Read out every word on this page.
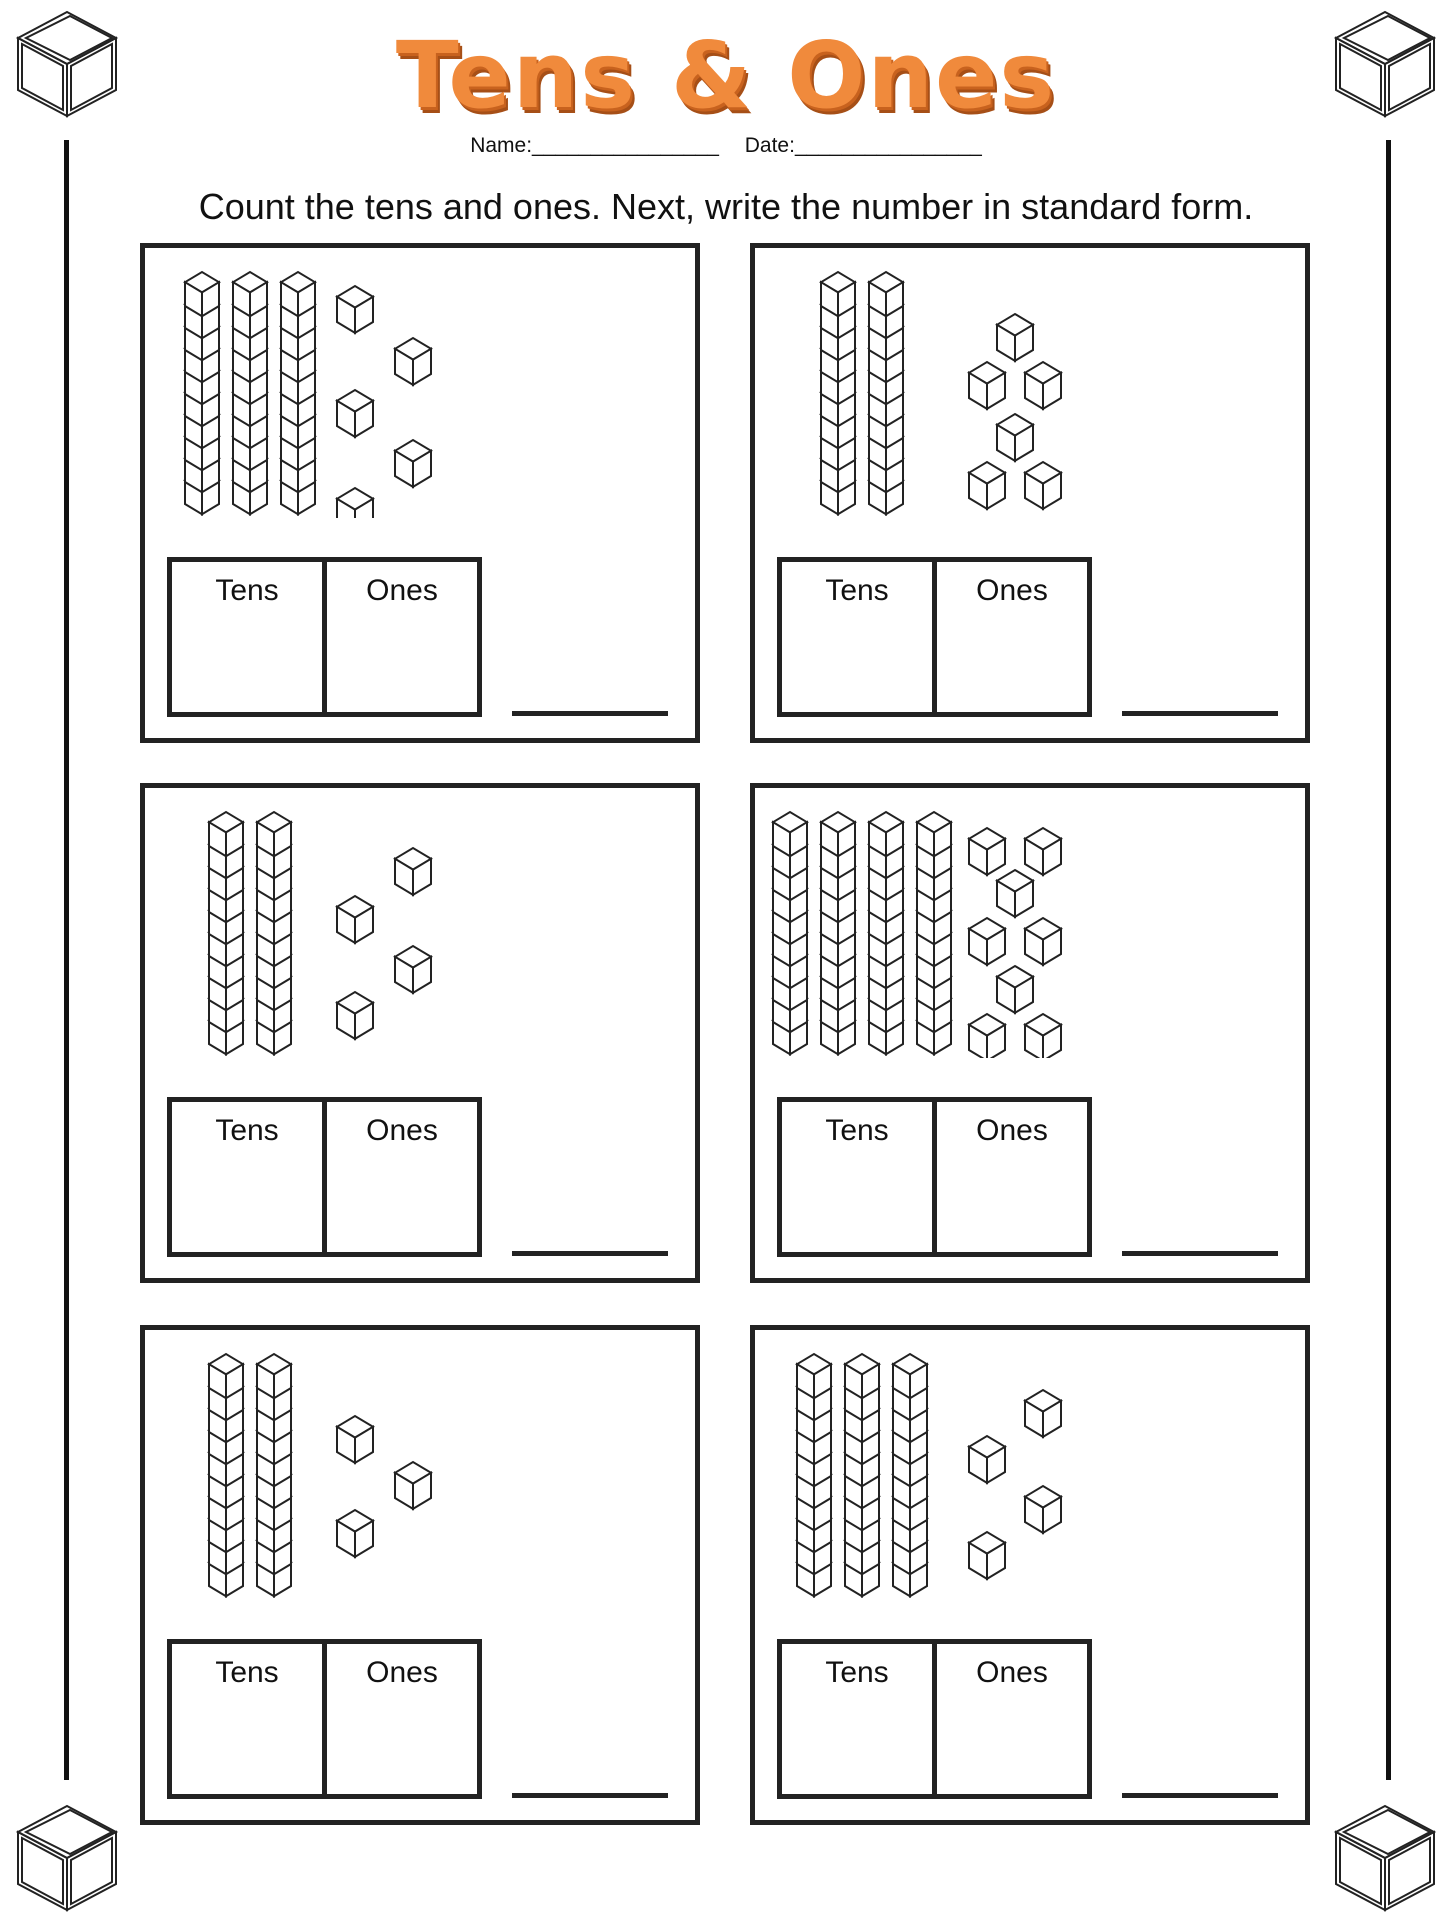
Tens & Ones
Name:________________ Date:________________
Count the tens and ones. Next, write the number in standard form.
Tens	Ones	Tens	Ones
Tens	Ones	Tens	Ones
Tens	Ones	Tens	Ones
